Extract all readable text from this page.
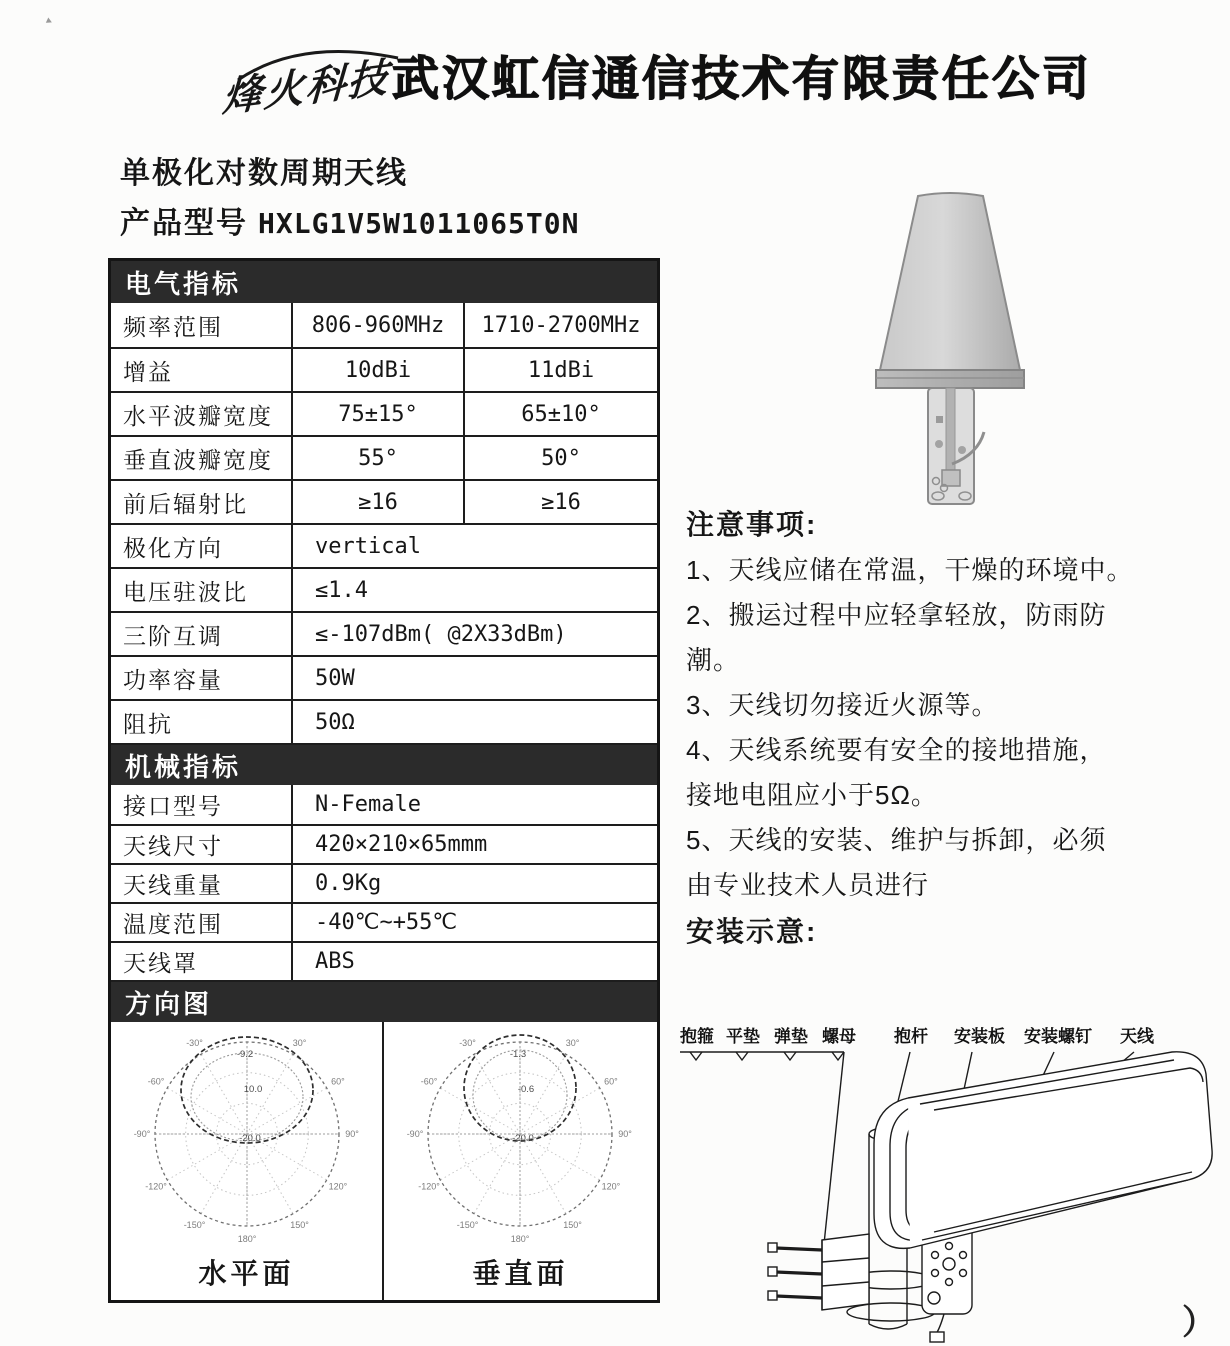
烽火科技 武汉虹信通信技术有限责任公司
单极化对数周期天线
产品型号 HXLG1V5W1011065T0N
电气指标
频率范围	806-960MHz 1710-2700MHz
增益	10dBi	11dBi
水平波瓣宽度	75±15°	65±10°
垂直波瓣宽度	55°	50°
前后辐射比	≥16	≥16
极化方向	vertical
电压驻波比	≤1.4
三阶互调	≤-107dBm( @2X33dBm)
功率容量	50W
阻抗	50Ω
机械指标
接口型号	N-Female
天线尺寸	420×210×65mmm
天线重量	0.9Kg
温度范围	-40℃~+55℃
天线罩	ABS
方向图
-30°	30°
-60°	60°
-90°	90°
-120°	120°
-150°	150°
180°
-9.2
10.0
-20.0
水平面
-30°	30°
-60°	60°
-90°	90°
-120°	120°
-150°	150°
180°
-1.3
-0.6
-20.0
垂直面
注意事项:
1、天线应储在常温，干燥的环境中。
2、搬运过程中应轻拿轻放，防雨防
潮。
3、天线切勿接近火源等。
4、天线系统要有安全的接地措施，
接地电阻应小于5Ω。
5、天线的安装、维护与拆卸，必须
由专业技术人员进行
安装示意:
抱箍 平垫 弹垫 螺母 抱杆 安装板 安装螺钉 天线
）
‣
